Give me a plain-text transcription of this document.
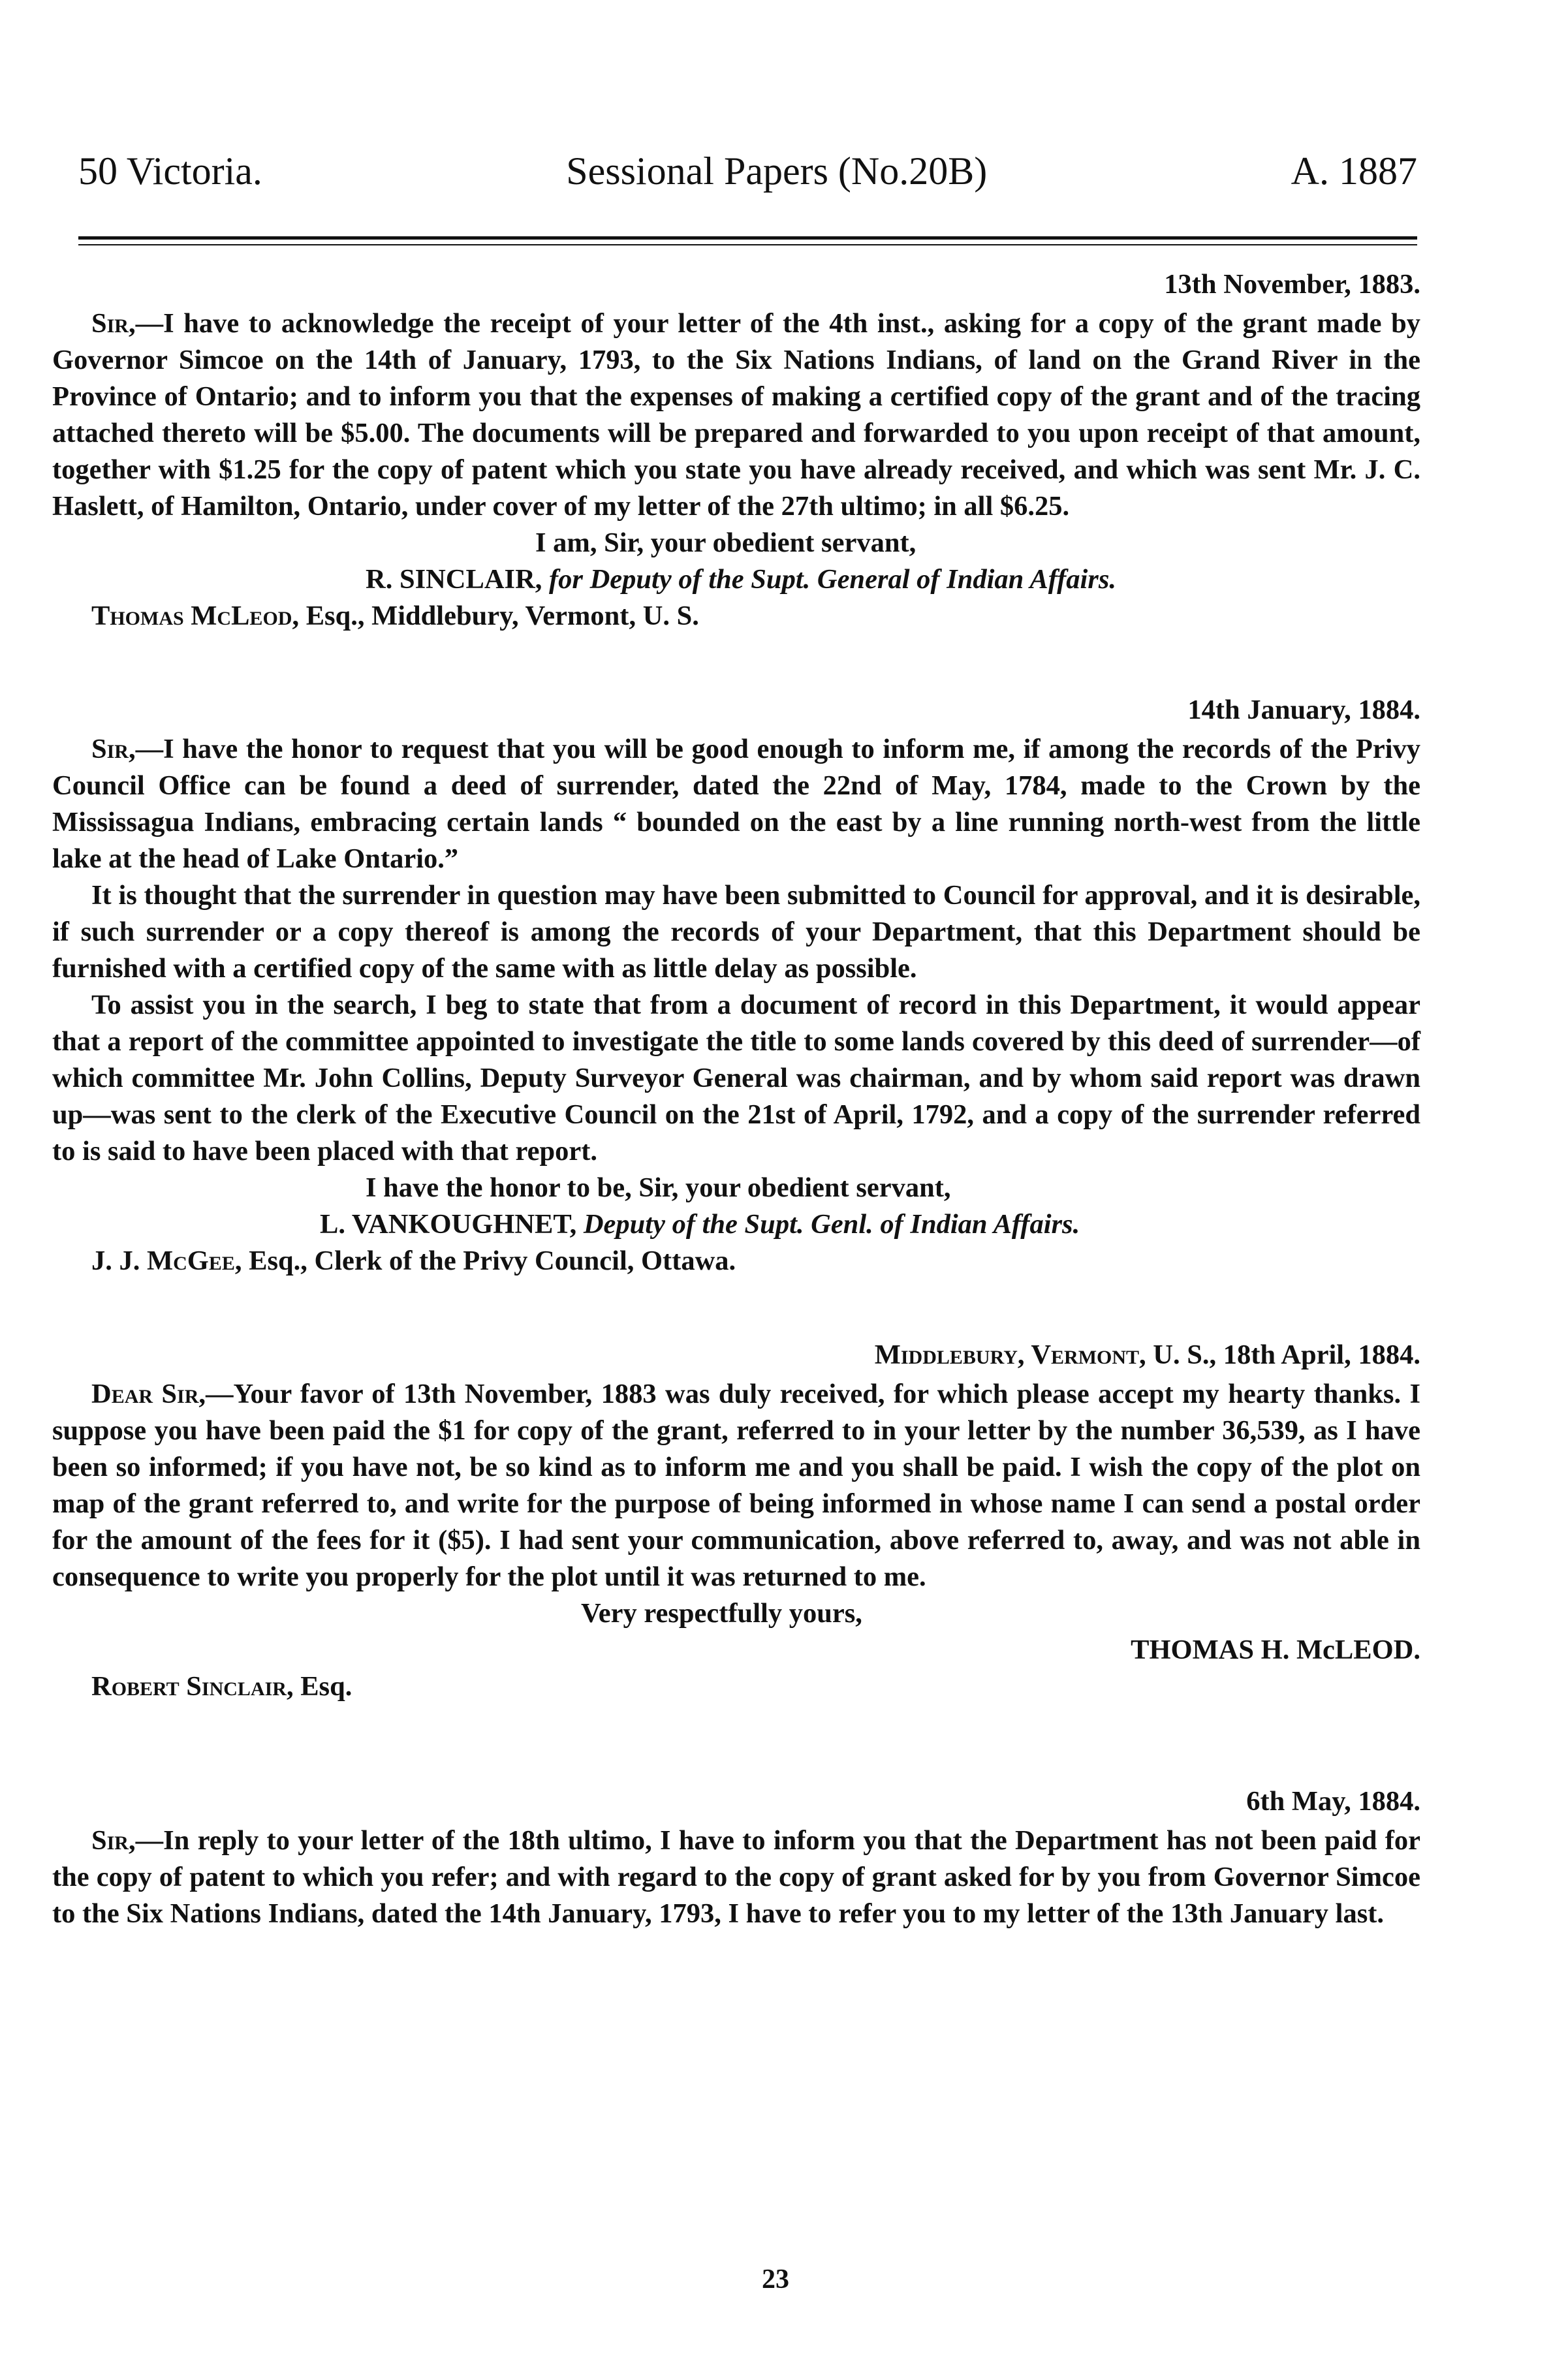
50 Victoria.	Sessional Papers (No.20B)	A. 1887
13th November, 1883.

Sir,—I have to acknowledge the receipt of your letter of the 4th inst., asking for a copy of the grant made by Governor Simcoe on the 14th of January, 1793, to the Six Nations Indians, of land on the Grand River in the Province of Ontario; and to inform you that the expenses of making a certified copy of the grant and of the tracing attached thereto will be $5.00. The documents will be prepared and forwarded to you upon receipt of that amount, together with $1.25 for the copy of patent which you state you have already received, and which was sent Mr. J. C. Haslett, of Hamilton, Ontario, under cover of my letter of the 27th ultimo; in all $6.25.

I am, Sir, your obedient servant,

R. SINCLAIR, for Deputy of the Supt. General of Indian Affairs.

Thomas McLeod, Esq., Middlebury, Vermont, U. S.

14th January, 1884.

Sir,—I have the honor to request that you will be good enough to inform me, if among the records of the Privy Council Office can be found a deed of surrender, dated the 22nd of May, 1784, made to the Crown by the Mississagua Indians, embracing certain lands “ bounded on the east by a line running north-west from the little lake at the head of Lake Ontario.”

It is thought that the surrender in question may have been submitted to Council for approval, and it is desirable, if such surrender or a copy thereof is among the records of your Department, that this Department should be furnished with a certified copy of the same with as little delay as possible.

To assist you in the search, I beg to state that from a document of record in this Department, it would appear that a report of the committee appointed to investigate the title to some lands covered by this deed of surrender—of which committee Mr. John Collins, Deputy Surveyor General was chairman, and by whom said report was drawn up—was sent to the clerk of the Executive Council on the 21st of April, 1792, and a copy of the surrender referred to is said to have been placed with that report.

I have the honor to be, Sir, your obedient servant,

L. VANKOUGHNET, Deputy of the Supt. Genl. of Indian Affairs.

J. J. McGee, Esq., Clerk of the Privy Council, Ottawa.

Middlebury, Vermont, U. S., 18th April, 1884.

Dear Sir,—Your favor of 13th November, 1883 was duly received, for which please accept my hearty thanks. I suppose you have been paid the $1 for copy of the grant, referred to in your letter by the number 36,539, as I have been so informed; if you have not, be so kind as to inform me and you shall be paid. I wish the copy of the plot on map of the grant referred to, and write for the purpose of being informed in whose name I can send a postal order for the amount of the fees for it ($5). I had sent your communication, above referred to, away, and was not able in consequence to write you properly for the plot until it was returned to me.

Very respectfully yours,

THOMAS H. McLEOD.

Robert Sinclair, Esq.

6th May, 1884.

Sir,—In reply to your letter of the 18th ultimo, I have to inform you that the Department has not been paid for the copy of patent to which you refer; and with regard to the copy of grant asked for by you from Governor Simcoe to the Six Nations Indians, dated the 14th January, 1793, I have to refer you to my letter of the 13th January last.

23
